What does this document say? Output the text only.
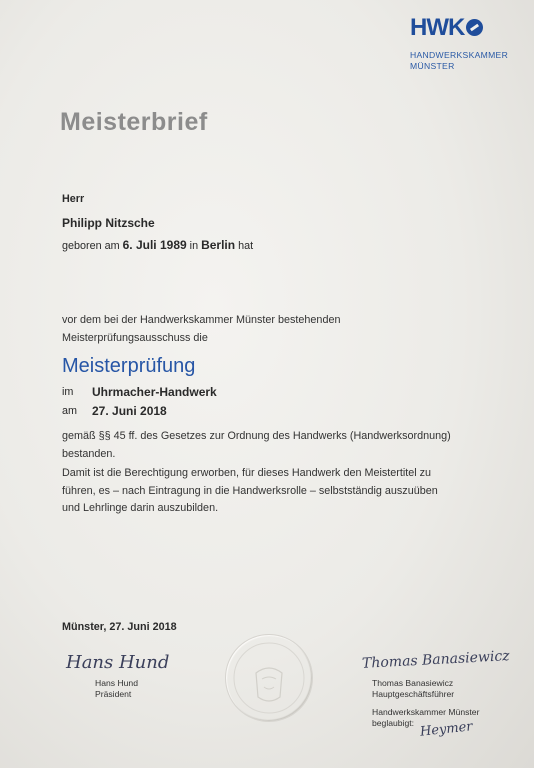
HWK
HANDWERKSKAMMER
MÜNSTER
Meisterbrief
Herr
Philipp Nitzsche
geboren am 6. Juli 1989 in Berlin hat
vor dem bei der Handwerkskammer Münster bestehenden
Meisterprüfungsausschuss die
Meisterprüfung
im Uhrmacher-Handwerk
am 27. Juni 2018
gemäß §§ 45 ff. des Gesetzes zur Ordnung des Handwerks (Handwerksordnung)
bestanden.
Damit ist die Berechtigung erworben, für dieses Handwerk den Meistertitel zu
führen, es – nach Eintragung in die Handwerksrolle – selbstständig auszuüben
und Lehrlinge darin auszubilden.
Münster, 27. Juni 2018
Hans Hund
Hans Hund
Präsident
Thomas Banasiewicz
Thomas Banasiewicz
Hauptgeschäftsführer
Handwerkskammer Münster
beglaubigt: Heymer
